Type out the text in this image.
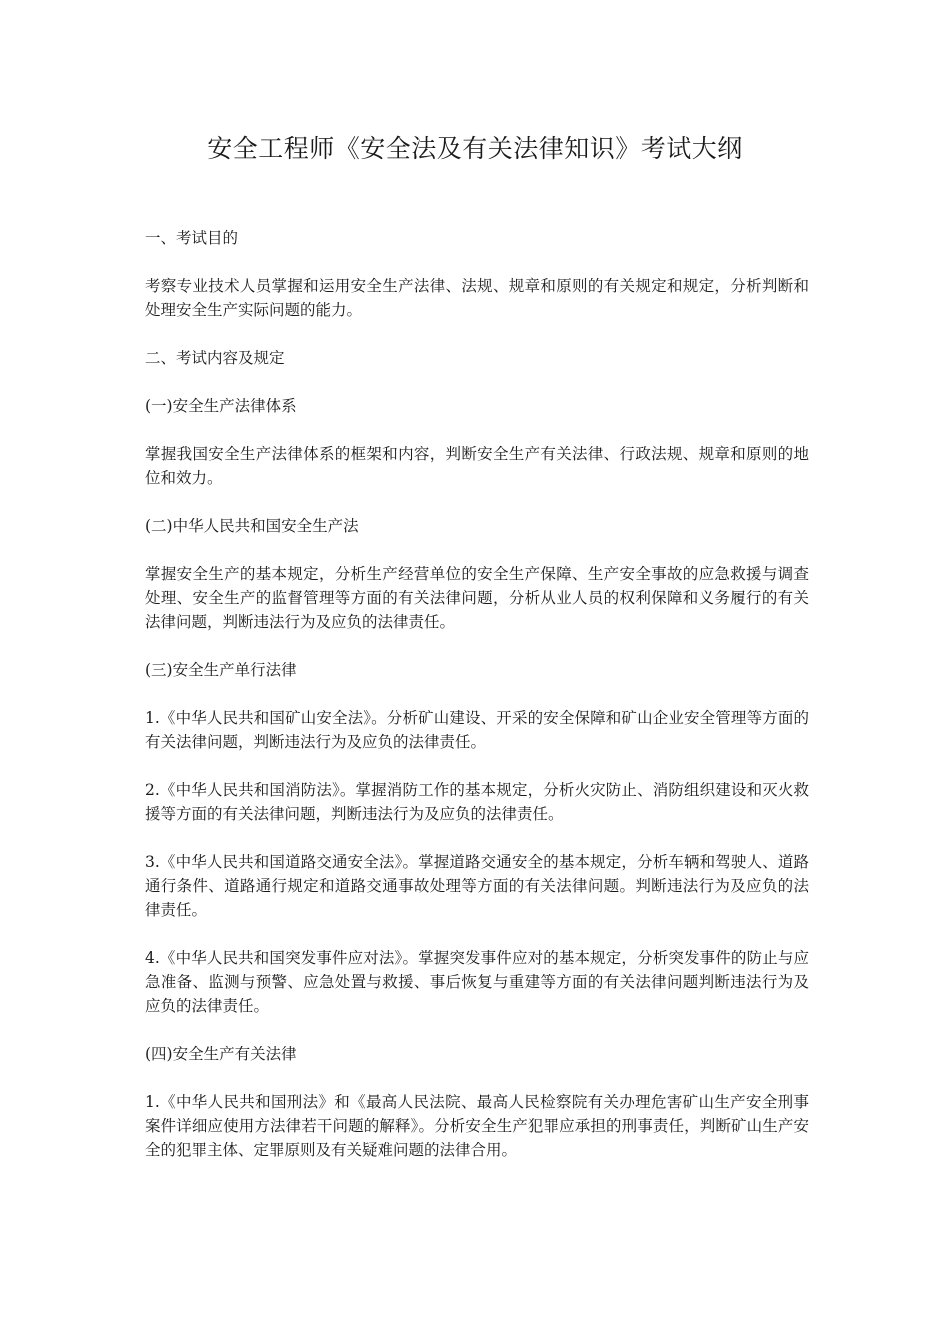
安全工程师《安全法及有关法律知识》考试大纲
一、考试目的
考察专业技术人员掌握和运用安全生产法律、法规、规章和原则的有关规定和规定，分析判断和处理安全生产实际问题的能力。
二、考试内容及规定
(一)安全生产法律体系
掌握我国安全生产法律体系的框架和内容，判断安全生产有关法律、行政法规、规章和原则的地位和效力。
(二)中华人民共和国安全生产法
掌握安全生产的基本规定，分析生产经营单位的安全生产保障、生产安全事故的应急救援与调查处理、安全生产的监督管理等方面的有关法律问题，分析从业人员的权利保障和义务履行的有关法律问题，判断违法行为及应负的法律责任。
(三)安全生产单行法律
1.《中华人民共和国矿山安全法》。分析矿山建设、开采的安全保障和矿山企业安全管理等方面的有关法律问题，判断违法行为及应负的法律责任。
2.《中华人民共和国消防法》。掌握消防工作的基本规定，分析火灾防止、消防组织建设和灭火救援等方面的有关法律问题，判断违法行为及应负的法律责任。
3.《中华人民共和国道路交通安全法》。掌握道路交通安全的基本规定，分析车辆和驾驶人、道路通行条件、道路通行规定和道路交通事故处理等方面的有关法律问题。判断违法行为及应负的法律责任。
4.《中华人民共和国突发事件应对法》。掌握突发事件应对的基本规定，分析突发事件的防止与应急准备、监测与预警、应急处置与救援、事后恢复与重建等方面的有关法律问题判断违法行为及应负的法律责任。
(四)安全生产有关法律
1.《中华人民共和国刑法》和《最高人民法院、最高人民检察院有关办理危害矿山生产安全刑事案件详细应使用方法律若干问题的解释》。分析安全生产犯罪应承担的刑事责任，判断矿山生产安全的犯罪主体、定罪原则及有关疑难问题的法律合用。
